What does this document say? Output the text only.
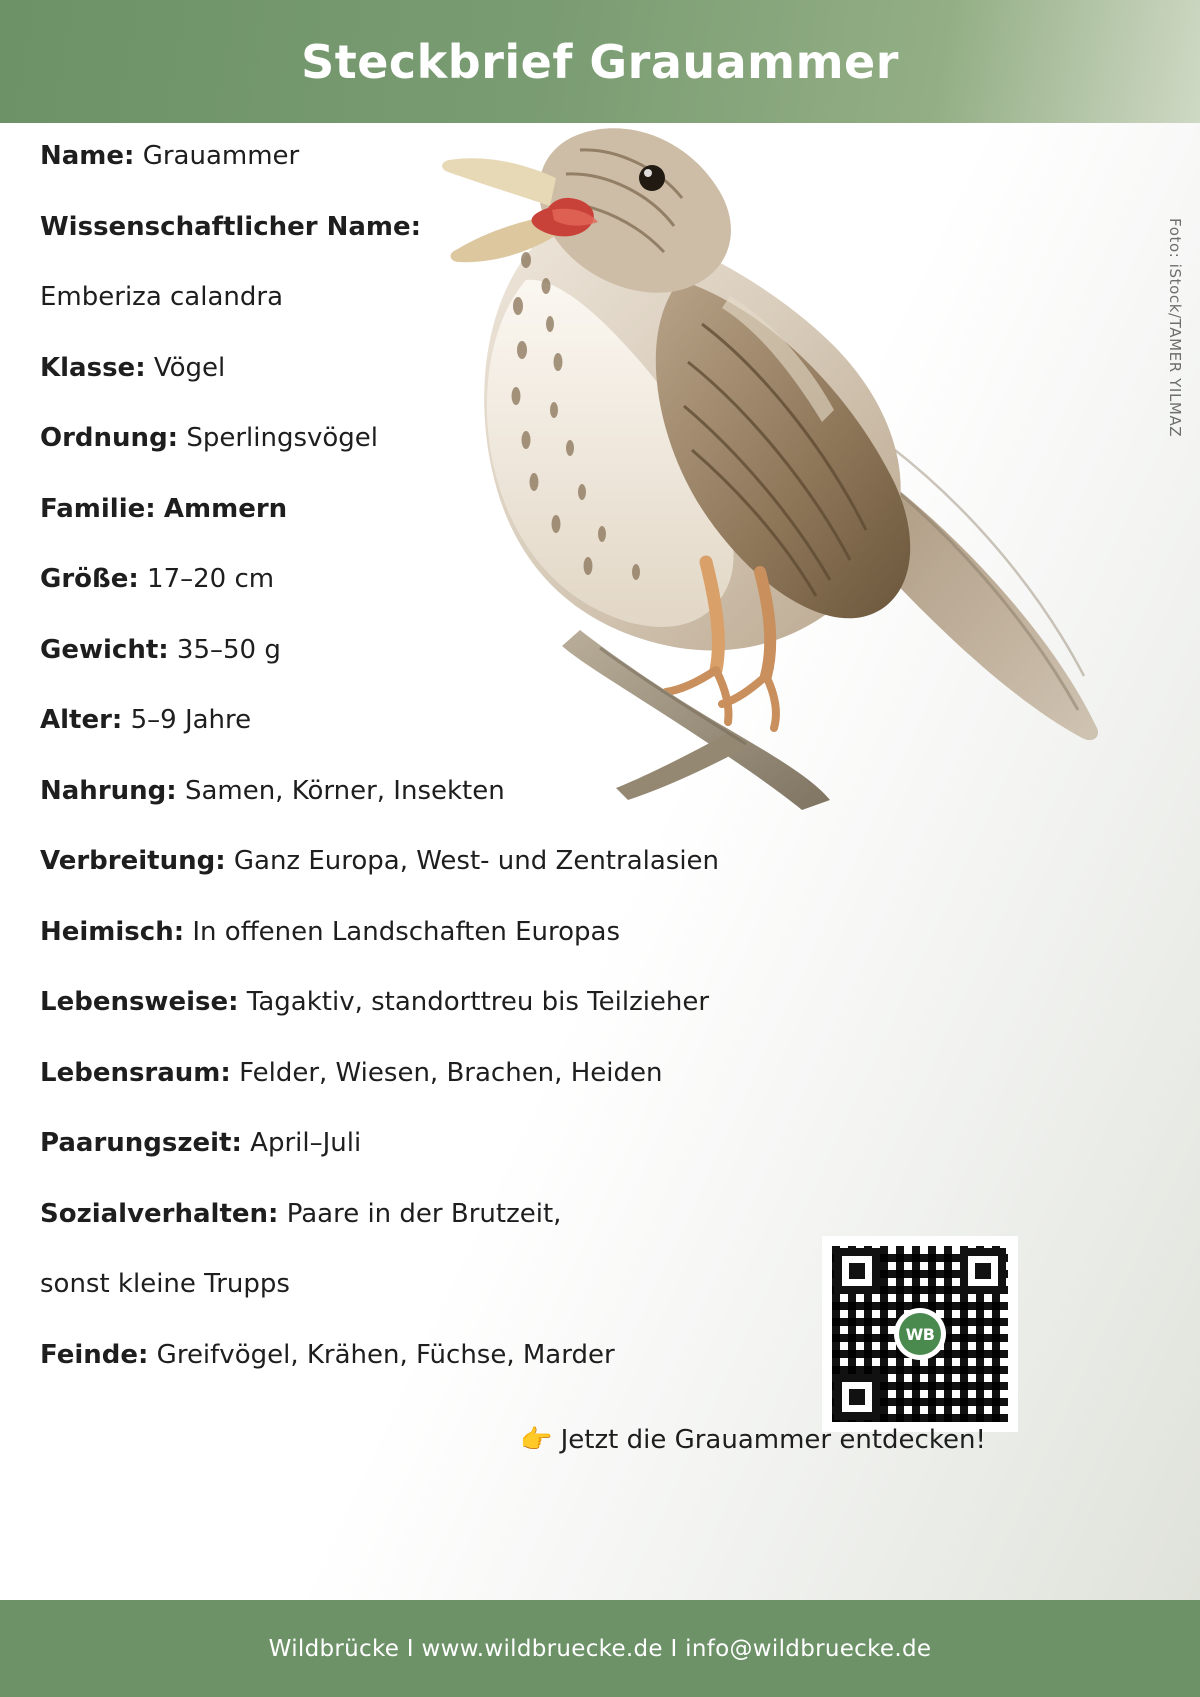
Steckbrief Grauammer
Foto: iStock/TAMER YILMAZ
Name: Grauammer
Wissenschaftlicher Name:
Emberiza calandra
Klasse: Vögel
Ordnung: Sperlingsvögel
Familie: Ammern
Größe: 17–20 cm
Gewicht: 35–50 g
Alter: 5–9 Jahre
Nahrung: Samen, Körner, Insekten
Verbreitung: Ganz Europa, West- und Zentralasien
Heimisch: In offenen Landschaften Europas
Lebensweise: Tagaktiv, standorttreu bis Teilzieher
Lebensraum: Felder, Wiesen, Brachen, Heiden
Paarungszeit: April–Juli
Sozialverhalten: Paare in der Brutzeit,
sonst kleine Trupps
Feinde: Greifvögel, Krähen, Füchse, Marder
WB
👉 Jetzt die Grauammer entdecken!
Wildbrücke I www.wildbruecke.de I info@wildbruecke.de
